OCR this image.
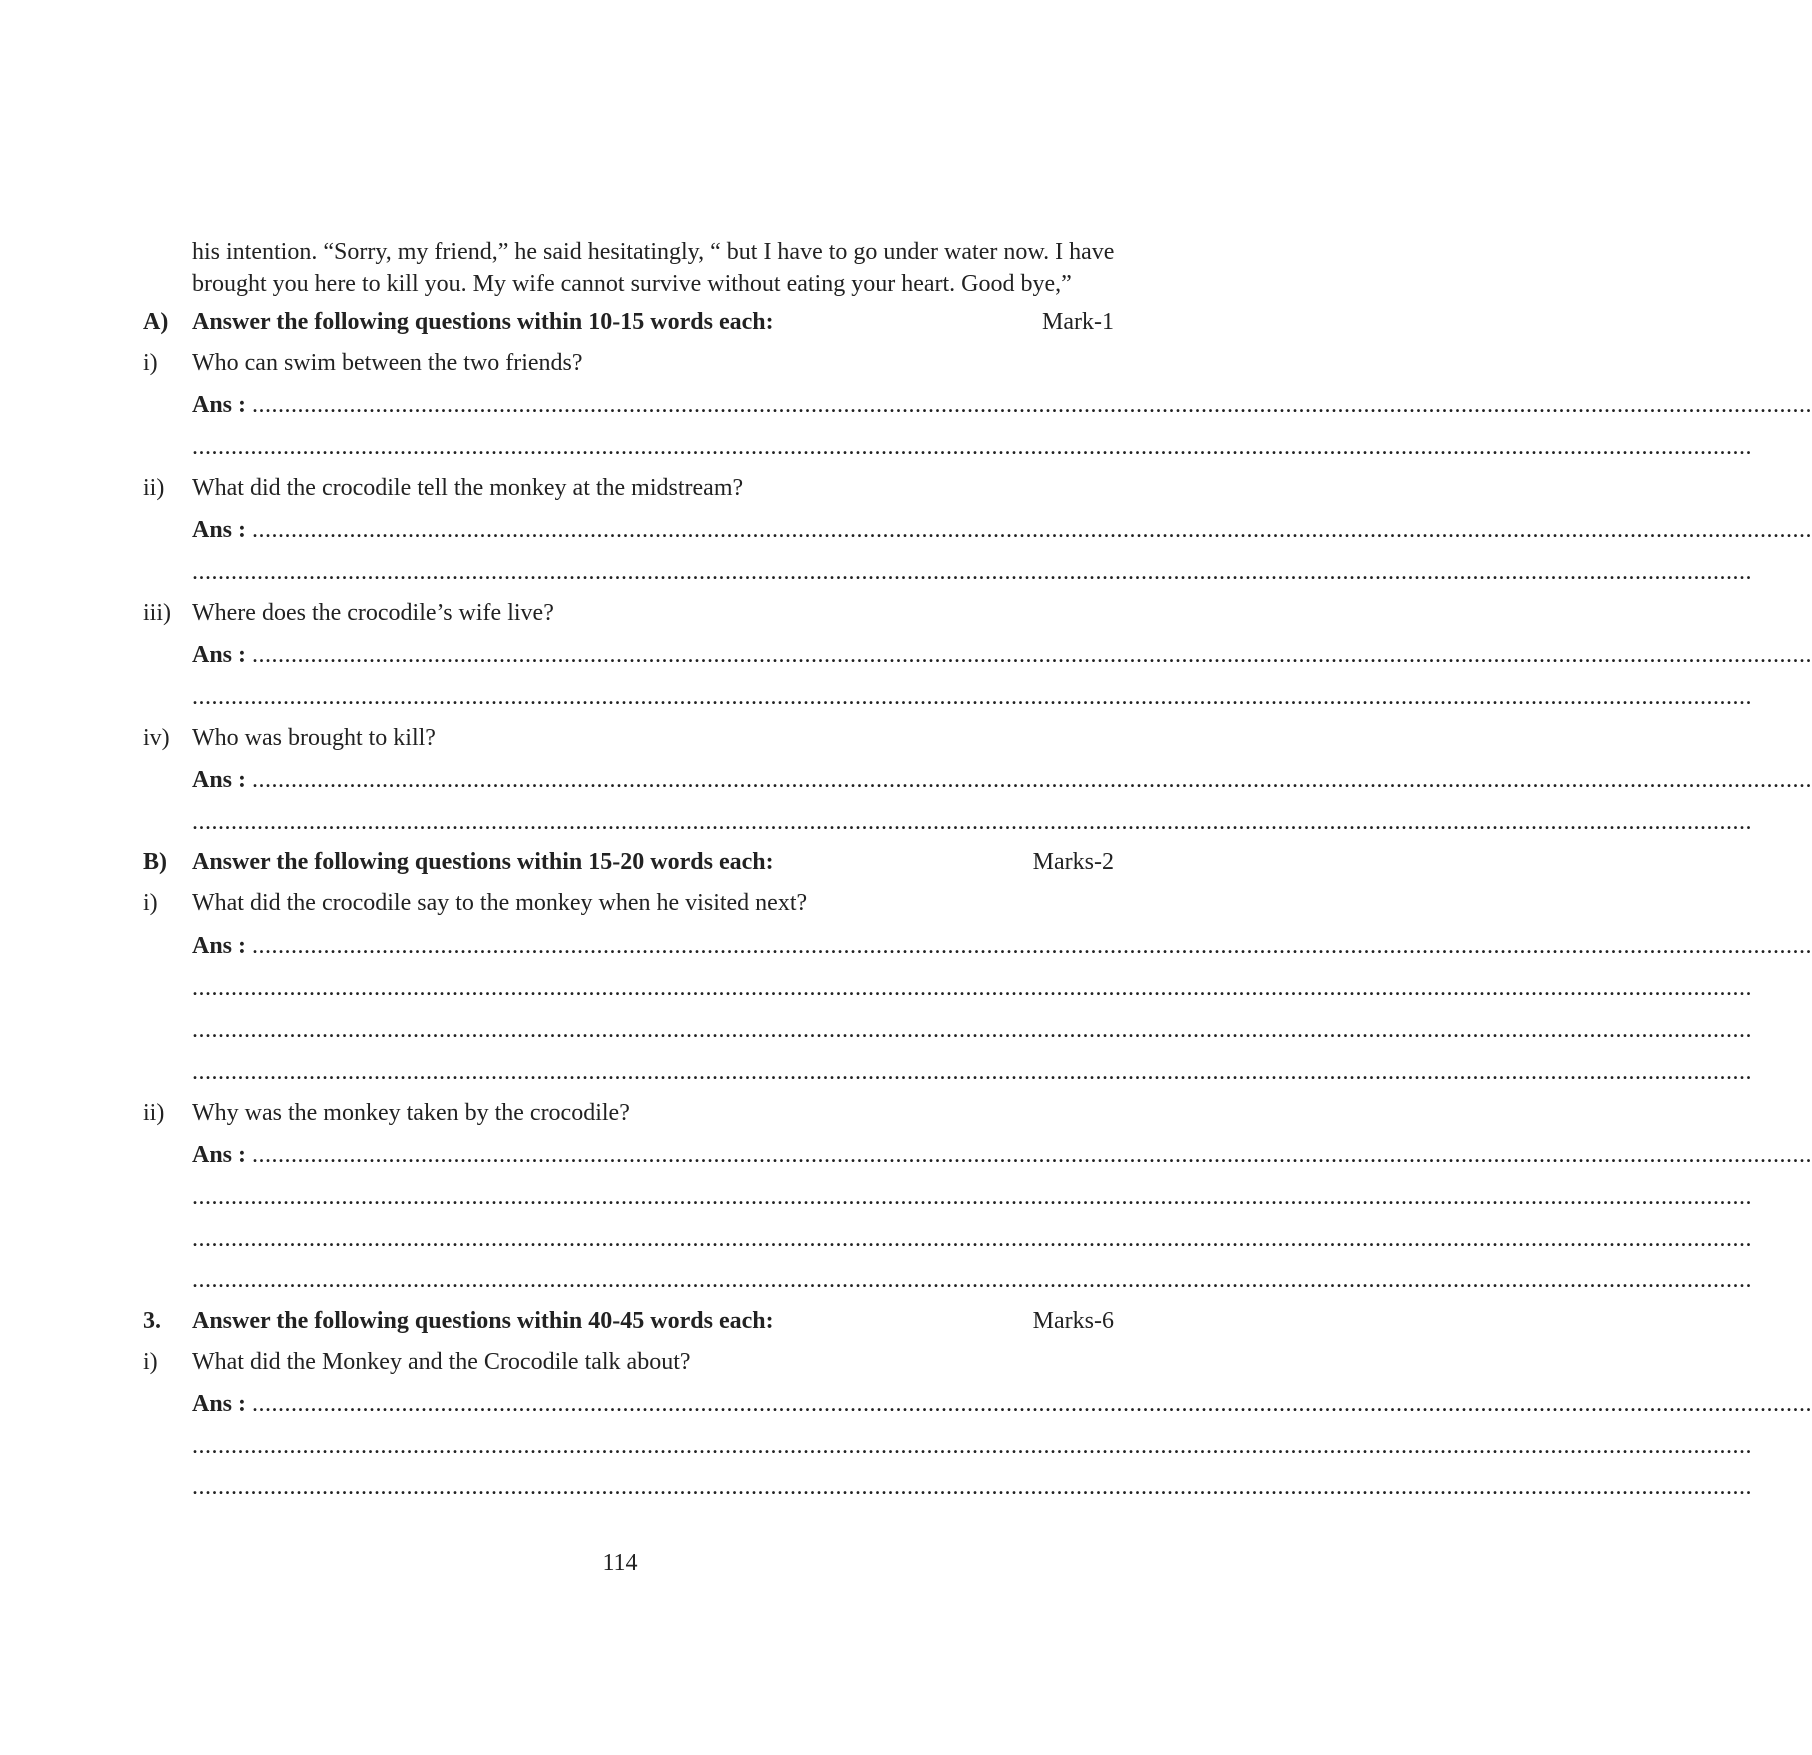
his intention. “Sorry, my friend,” he said hesitatingly, “ but I have to go under water now. I have brought you here to kill you. My wife cannot survive without eating your heart. Good bye,”

A) Answer the following questions within 10-15 words each:	Mark-1
i) Who can swim between the two friends?
Ans : ................................................................................................................................................................................................................................................
................................................................................................................................................................................................................................................
ii) What did the crocodile tell the monkey at the midstream?
Ans : ................................................................................................................................................................................................................................................
................................................................................................................................................................................................................................................
iii) Where does the crocodile’s wife live?
Ans : ................................................................................................................................................................................................................................................
................................................................................................................................................................................................................................................
iv) Who was brought to kill?
Ans : ................................................................................................................................................................................................................................................
................................................................................................................................................................................................................................................
B) Answer the following questions within 15-20 words each:	Marks-2
i) What did the crocodile say to the monkey when he visited next?
Ans : ................................................................................................................................................................................................................................................
................................................................................................................................................................................................................................................
................................................................................................................................................................................................................................................
................................................................................................................................................................................................................................................
ii) Why was the monkey taken by the crocodile?
Ans : ................................................................................................................................................................................................................................................
................................................................................................................................................................................................................................................
................................................................................................................................................................................................................................................
................................................................................................................................................................................................................................................
3. Answer the following questions within 40-45 words each:	Marks-6
i) What did the Monkey and the Crocodile talk about?
Ans : ................................................................................................................................................................................................................................................
................................................................................................................................................................................................................................................
................................................................................................................................................................................................................................................
114
